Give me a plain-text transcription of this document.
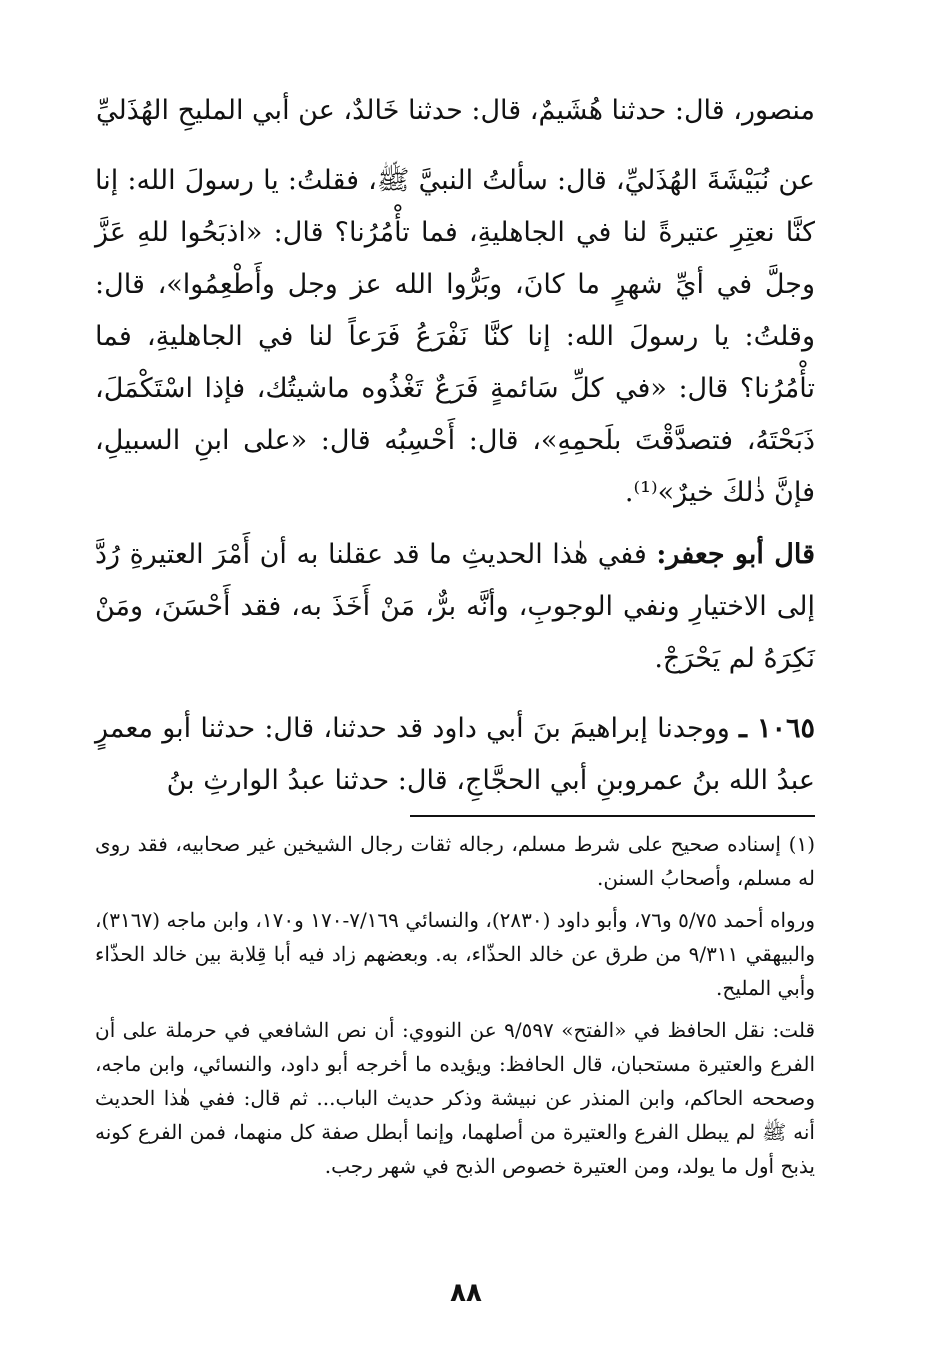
منصور، قال: حدثنا هُشَيمٌ، قال: حدثنا خَالدٌ، عن أبي المليحِ الهُذَليِّ

عن نُبَيْشَةَ الهُذَليِّ، قال: سألتُ النبيَّ ﷺ، فقلتُ: يا رسولَ الله: إنا كنَّا نعتِرِ عتيرةً لنا في الجاهليةِ، فما تأْمُرُنا؟ قال: «اذبَحُوا للهِ عَزَّ وجلَّ في أيِّ شهرٍ ما كانَ، وبَرُّوا الله عز وجل وأَطْعِمُوا»، قال: وقلتُ: يا رسولَ الله: إنا كنَّا نَفْرَعُ فَرَعاً لنا في الجاهليةِ، فما تأْمُرُنا؟ قال: «في كلِّ سَائمةٍ فَرَعٌ تَغْذُوه ماشيتُك، فإذا اسْتَكْمَلَ، ذَبَحْتَهُ، فتصدَّقْتَ بلَحمِهِ»، قال: أَحْسِبُه قال: «على ابنِ السبيلِ، فإنَّ ذٰلكَ خيرٌ»⁽¹⁾.

قال أبو جعفر: ففي هٰذا الحديثِ ما قد عقلنا به أن أَمْرَ العتيرةِ رُدَّ إلى الاختيارِ ونفي الوجوبِ، وأنَّه برٌّ، مَنْ أَخَذَ به، فقد أَحْسَنَ، ومَنْ نَكِرَهُ لم يَحْرَجْ.

١٠٦٥ ـ ووجدنا إبراهيمَ بنَ أبي داود قد حدثنا، قال: حدثنا أبو معمرٍ عبدُ الله بنُ عمروبنِ أبي الحجَّاجِ، قال: حدثنا عبدُ الوارثِ بنُ

(١) إسناده صحيح على شرط مسلم، رجاله ثقات رجال الشيخين غير صحابيه، فقد روى له مسلم، وأصحابُ السنن.

ورواه أحمد ٥/٧٥ و٧٦، وأبو داود (٢٨٣٠)، والنسائي ٧/١٦٩-١٧٠ و١٧٠، وابن ماجه (٣١٦٧)، والبيهقي ٩/٣١١ من طرق عن خالد الحذّاء، به. وبعضهم زاد فيه أبا قِلابة بين خالد الحذّاء وأبي المليح.

قلت: نقل الحافظ في «الفتح» ٩/٥٩٧ عن النووي: أن نص الشافعي في حرملة على أن الفرع والعتيرة مستحبان، قال الحافظ: ويؤيده ما أخرجه أبو داود، والنسائي، وابن ماجه، وصححه الحاكم، وابن المنذر عن نبيشة وذكر حديث الباب... ثم قال: ففي هٰذا الحديث أنه ﷺ لم يبطل الفرع والعتيرة من أصلهما، وإنما أبطل صفة كل منهما، فمن الفرع كونه يذبح أول ما يولد، ومن العتيرة خصوص الذبح في شهر رجب.

٨٨
